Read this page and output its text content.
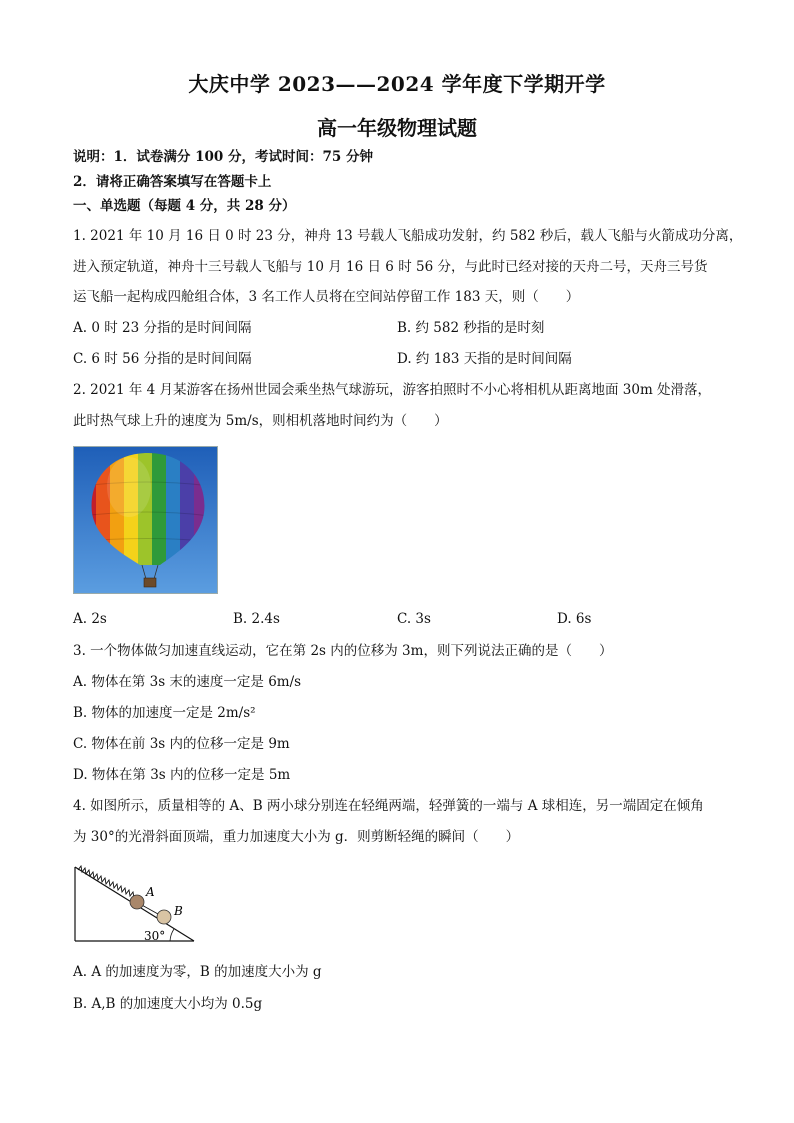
大庆中学 2023——2024 学年度下学期开学
高一年级物理试题
说明：1．试卷满分 100 分，考试时间：75 分钟
2．请将正确答案填写在答题卡上
一、单选题（每题 4 分，共 28 分）
1. 2021 年 10 月 16 日 0 时 23 分，神舟 13 号载人飞船成功发射，约 582 秒后，载人飞船与火箭成功分离，
进入预定轨道，神舟十三号载人飞船与 10 月 16 日 6 时 56 分，与此时已经对接的天舟二号，天舟三号货
运飞船一起构成四舱组合体，3 名工作人员将在空间站停留工作 183 天，则（　　）
A. 0 时 23 分指的是时间间隔	B. 约 582 秒指的是时刻
C. 6 时 56 分指的是时间间隔	D. 约 183 天指的是时间间隔
2. 2021 年 4 月某游客在扬州世园会乘坐热气球游玩，游客拍照时不小心将相机从距离地面 30m 处滑落，
此时热气球上升的速度为 5m/s，则相机落地时间约为（　　）
A. 2s	B. 2.4s	C. 3s	D. 6s
3. 一个物体做匀加速直线运动，它在第 2s 内的位移为 3m，则下列说法正确的是（　　）
A. 物体在第 3s 末的速度一定是 6m/s
B. 物体的加速度一定是 2m/s²
C. 物体在前 3s 内的位移一定是 9m
D. 物体在第 3s 内的位移一定是 5m
4. 如图所示，质量相等的 A、B 两小球分别连在轻绳两端，轻弹簧的一端与 A 球相连，另一端固定在倾角
为 30°的光滑斜面顶端，重力加速度大小为 g．则剪断轻绳的瞬间（　　）
A
B
30°
A. A 的加速度为零，B 的加速度大小为 g
B. A,B 的加速度大小均为 0.5g
